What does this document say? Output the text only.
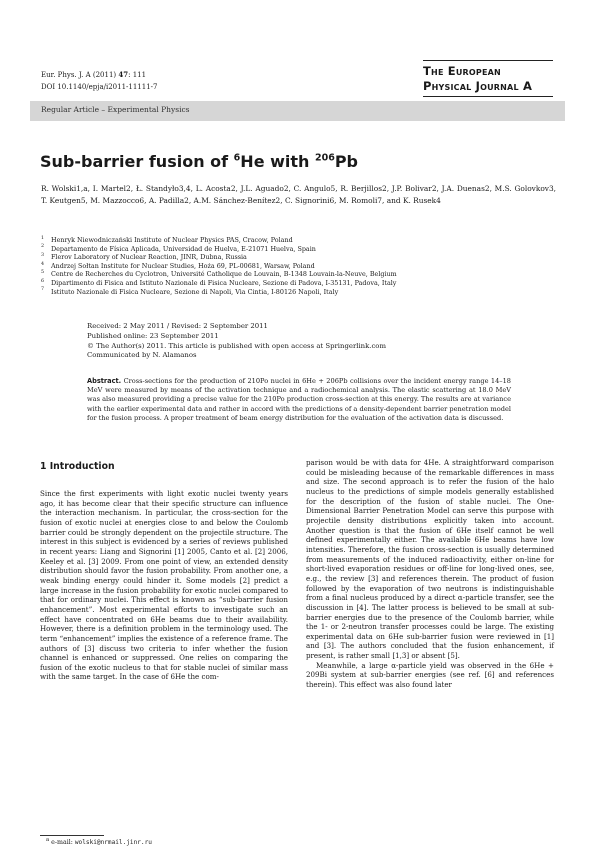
Eur. Phys. J. A (2011) 47: 111
DOI 10.1140/epja/i2011-11111-7
The European
Physical Journal A
Regular Article – Experimental Physics
Sub-barrier fusion of $^6$He with $^{206}$Pb
R. Wolski1,a, I. Martel2, Ł. Standyło3,4, L. Acosta2, J.L. Aguado2, C. Angulo5, R. Berjillos2, J.P. Bolivar2, J.A. Duenas2, M.S. Golovkov3, T. Keutgen5, M. Mazzocco6, A. Padilla2, A.M. Sánchez-Benítez2, C. Signorini6, M. Romoli7, and K. Rusek4
$^1$ Henryk Niewodniczański Institute of Nuclear Physics PAS, Cracow, Poland
$^2$ Departamento de Física Aplicada, Universidad de Huelva, E-21071 Huelva, Spain
$^3$ Flerov Laboratory of Nuclear Reaction, JINR, Dubna, Russia
$^4$ Andrzej Sołtan Institute for Nuclear Studies, Hoża 69, PL-00681, Warsaw, Poland
$^5$ Centre de Recherches du Cyclotron, Université Catholique de Louvain, B-1348 Louvain-la-Neuve, Belgium
$^6$ Dipartimento di Fisica and Istituto Nazionale di Fisica Nucleare, Sezione di Padova, I-35131, Padova, Italy
$^7$ Istituto Nazionale di Fisica Nucleare, Sezione di Napoli, Via Cintia, I-80126 Napoli, Italy
Received: 2 May 2011 / Revised: 2 September 2011
Published online: 23 September 2011
© The Author(s) 2011. This article is published with open access at Springerlink.com
Communicated by N. Alamanos
Abstract. Cross-sections for the production of 210Po nuclei in 6He + 206Pb collisions over the incident energy range 14–18 MeV were measured by means of the activation technique and a radiochemical analysis. The elastic scattering at 18.0 MeV was also measured providing a precise value for the 210Po production cross-section at this energy. The results are at variance with the earlier experimental data and rather in accord with the predictions of a density-dependent barrier penetration model for the fusion process. A proper treatment of beam energy distribution for the evaluation of the activation data is discussed.
1 Introduction
Since the first experiments with light exotic nuclei twenty years ago, it has become clear that their specific structure can influence the interaction mechanism. In particular, the cross-section for the fusion of exotic nuclei at energies close to and below the Coulomb barrier could be strongly dependent on the projectile structure. The interest in this subject is evidenced by a series of reviews published in recent years: Liang and Signorini [1] 2005, Canto et al. [2] 2006, Keeley et al. [3] 2009. From one point of view, an extended density distribution should favor the fusion probability. From another one, a weak binding energy could hinder it. Some models [2] predict a large increase in the fusion probability for exotic nuclei compared to that for ordinary nuclei. This effect is known as “sub-barrier fusion enhancement”. Most experimental efforts to investigate such an effect have concentrated on 6He beams due to their availability. However, there is a definition problem in the terminology used. The term “enhancement” implies the existence of a reference frame. The authors of [3] discuss two criteria to infer whether the fusion channel is enhanced or suppressed. One relies on comparing the fusion of the exotic nucleus to that for stable nuclei of similar mass with the same target. In the case of 6He the com-
parison would be with data for 4He. A straightforward comparison could be misleading because of the remarkable differences in mass and size. The second approach is to refer the fusion of the halo nucleus to the predictions of simple models generally established for the description of the fusion of stable nuclei. The One-Dimensional Barrier Penetration Model can serve this purpose with projectile density distributions explicitly taken into account. Another question is that the fusion of 6He itself cannot be well defined experimentally either. The available 6He beams have low intensities. Therefore, the fusion cross-section is usually determined from measurements of the induced radioactivity, either on-line for short-lived evaporation residues or off-line for long-lived ones, see, e.g., the review [3] and references therein. The product of fusion followed by the evaporation of two neutrons is indistinguishable from a final nucleus produced by a direct α-particle transfer, see the discussion in [4]. The latter process is believed to be small at sub-barrier energies due to the presence of the Coulomb barrier, while the 1- or 2-neutron transfer processes could be large. The existing experimental data on 6He sub-barrier fusion were reviewed in [1] and [3]. The authors concluded that the fusion enhancement, if present, is rather small [1,3] or absent [5].
Meanwhile, a large α-particle yield was observed in the 6He + 209Bi system at sub-barrier energies (see ref. [6] and references therein). This effect was also found later
$^a$ e-mail: wolski@nrmail.jinr.ru
